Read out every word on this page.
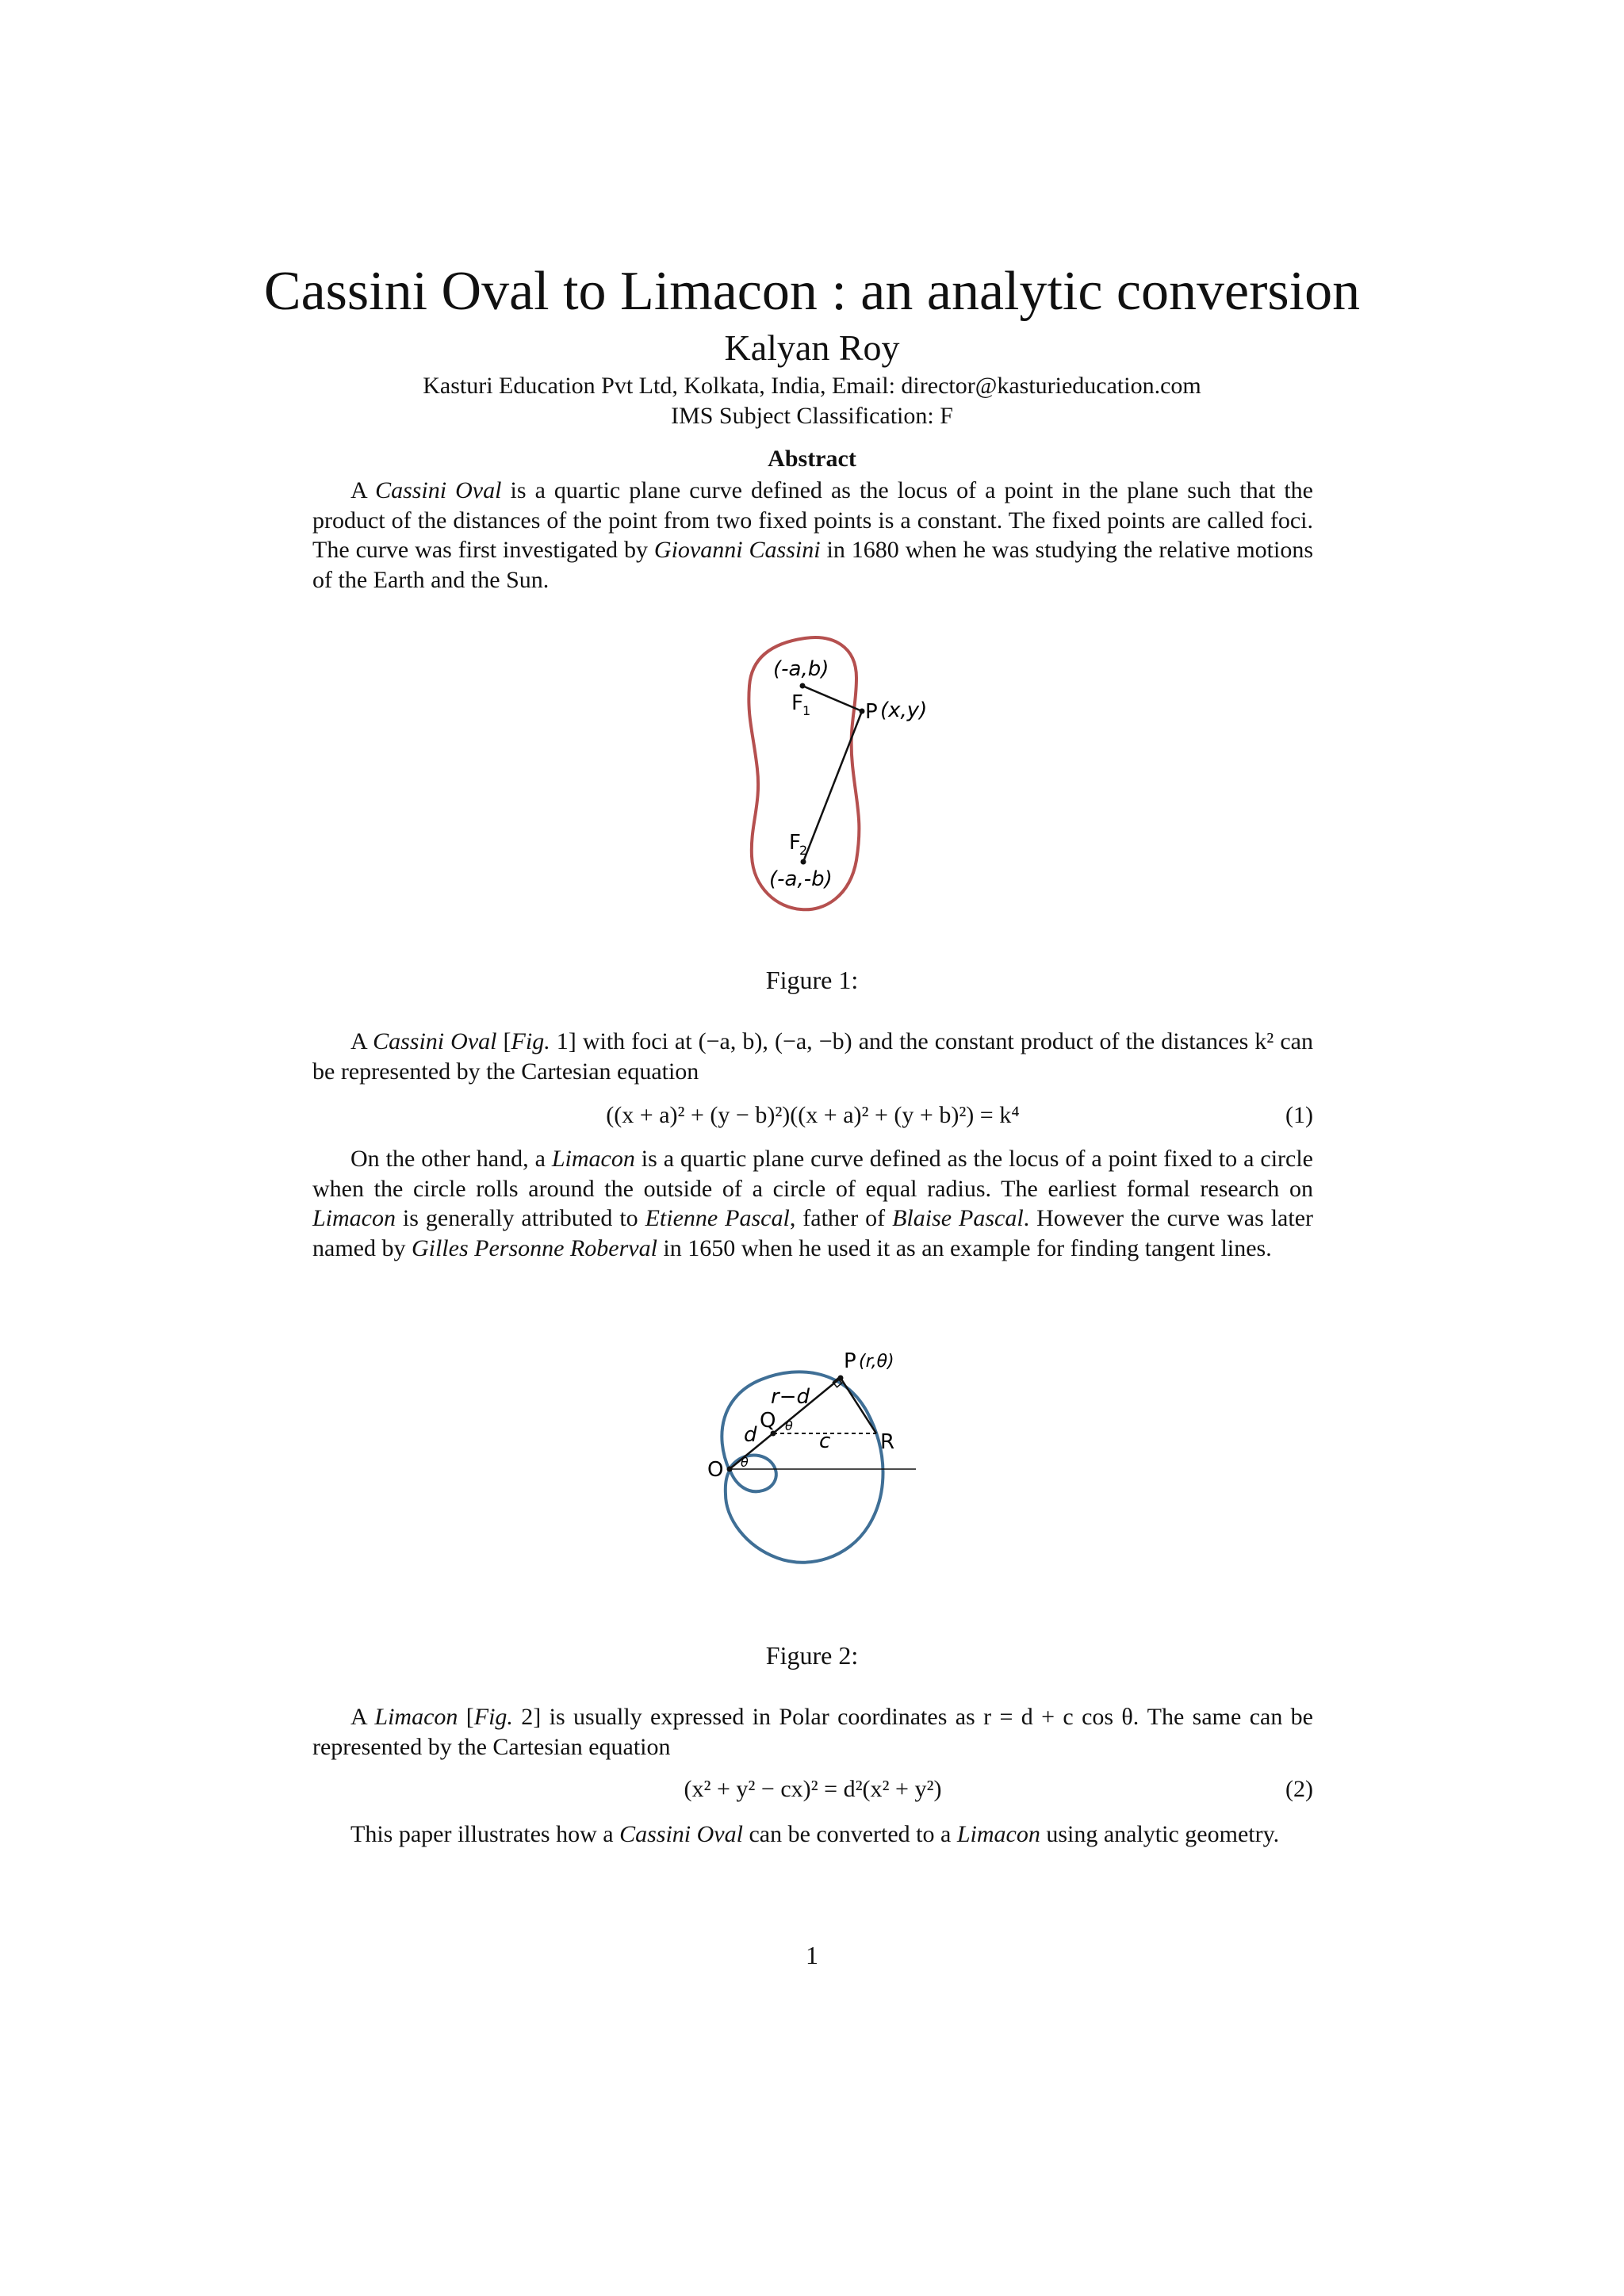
Cassini Oval to Limacon : an analytic conversion
Kalyan Roy
Kasturi Education Pvt Ltd, Kolkata, India, Email: director@kasturieducation.com
IMS Subject Classification: F
Abstract
A Cassini Oval is a quartic plane curve defined as the locus of a point in the plane such that the product of the distances of the point from two fixed points is a constant. The fixed points are called foci. The curve was first investigated by Giovanni Cassini in 1680 when he was studying the relative motions of the Earth and the Sun.
(-a,b)
F 1	P (x,y)
F
2
(-a,-b)
Figure 1:
A Cassini Oval [Fig. 1] with foci at (−a, b), (−a, −b) and the constant product of the distances k² can be represented by the Cartesian equation
((x + a)² + (y − b)²)((x + a)² + (y + b)²) = k⁴	(1)
On the other hand, a Limacon is a quartic plane curve defined as the locus of a point fixed to a circle when the circle rolls around the outside of a circle of equal radius. The earliest formal research on Limacon is generally attributed to Etienne Pascal, father of Blaise Pascal. However the curve was later named by Gilles Personne Roberval in 1650 when he used it as an example for finding tangent lines.
P (r,θ)
r−d
Q θ
d	c R
O θ
Figure 2:
A Limacon [Fig. 2] is usually expressed in Polar coordinates as r = d + c cos θ. The same can be represented by the Cartesian equation
(x² + y² − cx)² = d²(x² + y²)	(2)
This paper illustrates how a Cassini Oval can be converted to a Limacon using analytic geometry.
1
